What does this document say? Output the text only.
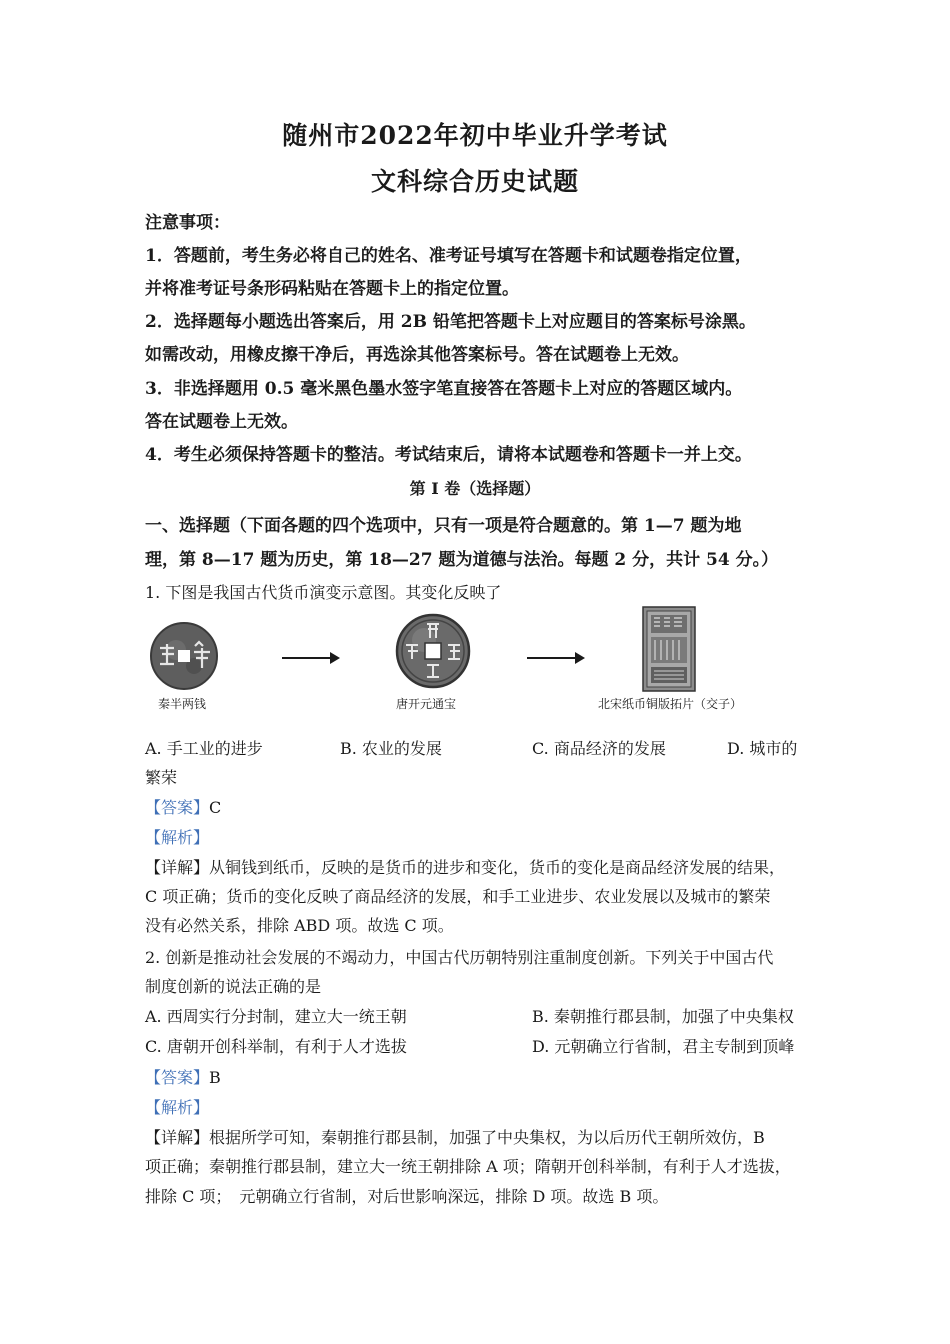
随州市2022年初中毕业升学考试
文科综合历史试题
注意事项：
1．答题前，考生务必将自己的姓名、准考证号填写在答题卡和试题卷指定位置，
并将准考证号条形码粘贴在答题卡上的指定位置。
2．选择题每小题选出答案后，用 2B 铅笔把答题卡上对应题目的答案标号涂黑。
如需改动，用橡皮擦干净后，再选涂其他答案标号。答在试题卷上无效。
3．非选择题用 0.5 毫米黑色墨水签字笔直接答在答题卡上对应的答题区域内。
答在试题卷上无效。
4．考生必须保持答题卡的整洁。考试结束后，请将本试题卷和答题卡一并上交。
第 I 卷（选择题）
一、选择题（下面各题的四个选项中，只有一项是符合题意的。第 1—7 题为地
理，第 8—17 题为历史，第 18—27 题为道德与法治。每题 2 分，共计 54 分。）
1. 下图是我国古代货币演变示意图。其变化反映了
秦半两钱	唐开元通宝	北宋纸币铜版拓片（交子）
A. 手工业的进步	B. 农业的发展	C. 商品经济的发展	D. 城市的
繁荣
【答案】C
【解析】
【详解】从铜钱到纸币，反映的是货币的进步和变化，货币的变化是商品经济发展的结果，
C 项正确；货币的变化反映了商品经济的发展，和手工业进步、农业发展以及城市的繁荣
没有必然关系，排除 ABD 项。故选 C 项。
2. 创新是推动社会发展的不竭动力，中国古代历朝特别注重制度创新。下列关于中国古代
制度创新的说法正确的是
A. 西周实行分封制，建立大一统王朝	B. 秦朝推行郡县制，加强了中央集权
C. 唐朝开创科举制，有利于人才选拔	D. 元朝确立行省制，君主专制到顶峰
【答案】B
【解析】
【详解】根据所学可知，秦朝推行郡县制，加强了中央集权，为以后历代王朝所效仿，B
项正确；秦朝推行郡县制，建立大一统王朝排除 A 项；隋朝开创科举制，有利于人才选拔，
排除 C 项；　元朝确立行省制，对后世影响深远，排除 D 项。故选 B 项。
